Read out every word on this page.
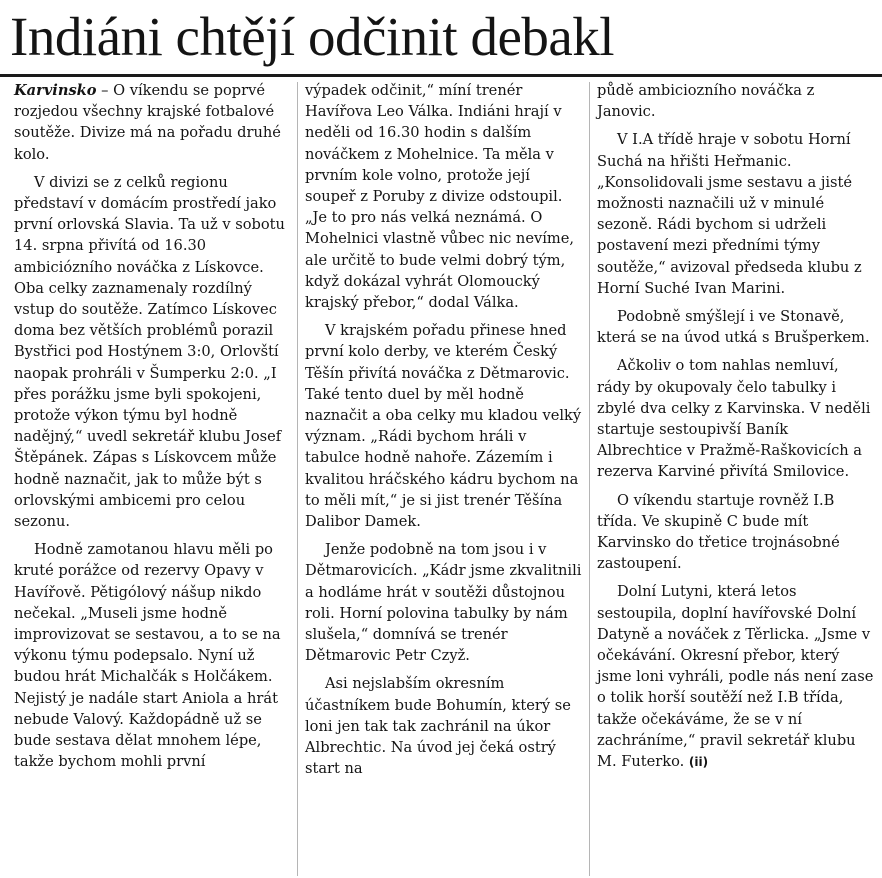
Indiáni chtějí odčinit debakl

Karvinsko – O víkendu se poprvé rozjedou všechny krajské fotbalové soutěže. Divize má na pořadu druhé kolo.

V divizi se z celků regionu představí v domácím prostředí jako první orlovská Slavia. Ta už v sobotu 14. srpna přivítá od 16.30 ambiciózního nováčka z Lískovce. Oba celky zaznamenaly rozdílný vstup do soutěže. Zatímco Lískovec doma bez větších problémů porazil Bystřici pod Hostýnem 3:0, Orlovští naopak prohráli v Šumperku 2:0. „I přes porážku jsme byli spokojeni, protože výkon týmu byl hodně nadějný,“ uvedl sekretář klubu Josef Štěpánek. Zápas s Lískovcem může hodně naznačit, jak to může být s orlovskými ambicemi pro celou sezonu.

Hodně zamotanou hlavu měli po kruté porážce od rezervy Opavy v Havířově. Pětigólový nášup nikdo nečekal. „Museli jsme hodně improvizovat se sestavou, a to se na výkonu týmu podepsalo. Nyní už budou hrát Michalčák s Holčákem. Nejistý je nadále start Aniola a hrát nebude Valový. Každopádně už se bude sestava dělat mnohem lépe, takže bychom mohli první

výpadek odčinit,“ míní trenér Havířova Leo Válka. Indiáni hrají v neděli od 16.30 hodin s dalším nováčkem z Mohelnice. Ta měla v prvním kole volno, protože její soupeř z Poruby z divize odstoupil. „Je to pro nás velká neznámá. O Mohelnici vlastně vůbec nic nevíme, ale určitě to bude velmi dobrý tým, když dokázal vyhrát Olomoucký krajský přebor,“ dodal Válka.

V krajském pořadu přinese hned první kolo derby, ve kterém Český Těšín přivítá nováčka z Dětmarovic. Také tento duel by měl hodně naznačit a oba celky mu kladou velký význam. „Rádi bychom hráli v tabulce hodně nahoře. Zázemím i kvalitou hráčského kádru bychom na to měli mít,“ je si jist trenér Těšína Dalibor Damek.

Jenže podobně na tom jsou i v Dětmarovicích. „Kádr jsme zkvalitnili a hodláme hrát v soutěži důstojnou roli. Horní polovina tabulky by nám slušela,“ domnívá se trenér Dětmarovic Petr Czyž.

Asi nejslabším okresním účastníkem bude Bohumín, který se loni jen tak tak zachránil na úkor Albrechtic. Na úvod jej čeká ostrý start na

půdě ambiciozního nováčka z Janovic.

V I.A třídě hraje v sobotu Horní Suchá na hřišti Heřmanic. „Konsolidovali jsme sestavu a jisté možnosti naznačili už v minulé sezoně. Rádi bychom si udrželi postavení mezi předními týmy soutěže,“ avizoval předseda klubu z Horní Suché Ivan Marini.

Podobně smýšlejí i ve Stonavě, která se na úvod utká s Brušperkem.

Ačkoliv o tom nahlas nemluví, rády by okupovaly čelo tabulky i zbylé dva celky z Karvinska. V neděli startuje sestoupivší Baník Albrechtice v Pražmě-Raškovicích a rezerva Karviné přivítá Smilovice.

O víkendu startuje rovněž I.B třída. Ve skupině C bude mít Karvinsko do třetice trojnásobné zastoupení.

Dolní Lutyni, která letos sestoupila, doplní havířovské Dolní Datyně a nováček z Těrlicka. „Jsme v očekávání. Okresní přebor, který jsme loni vyhráli, podle nás není zase o tolik horší soutěží než I.B třída, takže očekáváme, že se v ní zachráníme,“ pravil sekretář klubu M. Futerko. (ii)
